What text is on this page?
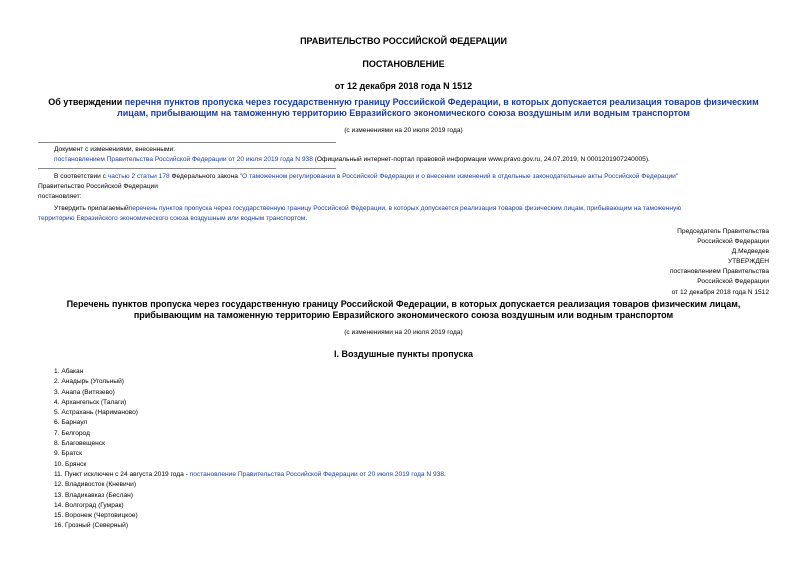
ПРАВИТЕЛЬСТВО РОССИЙСКОЙ ФЕДЕРАЦИИ
ПОСТАНОВЛЕНИЕ
от 12 декабря 2018 года N 1512
Об утверждении перечня пунктов пропуска через государственную границу Российской Федерации, в которых допускается реализация товаров физическим
лицам, прибывающим на таможенную территорию Евразийского экономического союза воздушным или водным транспортом
(с изменениями на 20 июля 2019 года)
Документ с изменениями, внесенными:
постановлением Правительства Российской Федерации от 20 июля 2019 года N 938 (Официальный интернет-портал правовой информации www.pravo.gov.ru, 24.07.2019, N 0001201907240005).
В соответствии с частью 2 статьи 178 Федерального закона "О таможенном регулировании в Российской Федерации и о внесении изменений в отдельные законодательные акты Российской Федерации"
Правительство Российской Федерации
постановляет:
Утвердить прилагаемыйперечень пунктов пропуска через государственную границу Российской Федерации, в которых допускается реализация товаров физическим лицам, прибывающим на таможенную
территорию Евразийского экономического союза воздушным или водным транспортом.
Председатель Правительства
Российской Федерации
Д.Медведев
УТВЕРЖДЕН
постановлением Правительства
Российской Федерации
от 12 декабря 2018 года N 1512
Перечень пунктов пропуска через государственную границу Российской Федерации, в которых допускается реализация товаров физическим лицам,
прибывающим на таможенную территорию Евразийского экономического союза воздушным или водным транспортом
(с изменениями на 20 июля 2019 года)
I. Воздушные пункты пропуска
1. Абакан
2. Анадырь (Угольный)
3. Анапа (Витязево)
4. Архангельск (Талаги)
5. Астрахань (Нариманово)
6. Барнаул
7. Белгород
8. Благовещенск
9. Братск
10. Брянск
11. Пункт исключен с 24 августа 2019 года - постановление Правительства Российской Федерации от 20 июля 2019 года N 938.
12. Владивосток (Кневичи)
13. Владикавказ (Беслан)
14. Волгоград (Гумрак)
15. Воронеж (Чертовицкое)
16. Грозный (Северный)
